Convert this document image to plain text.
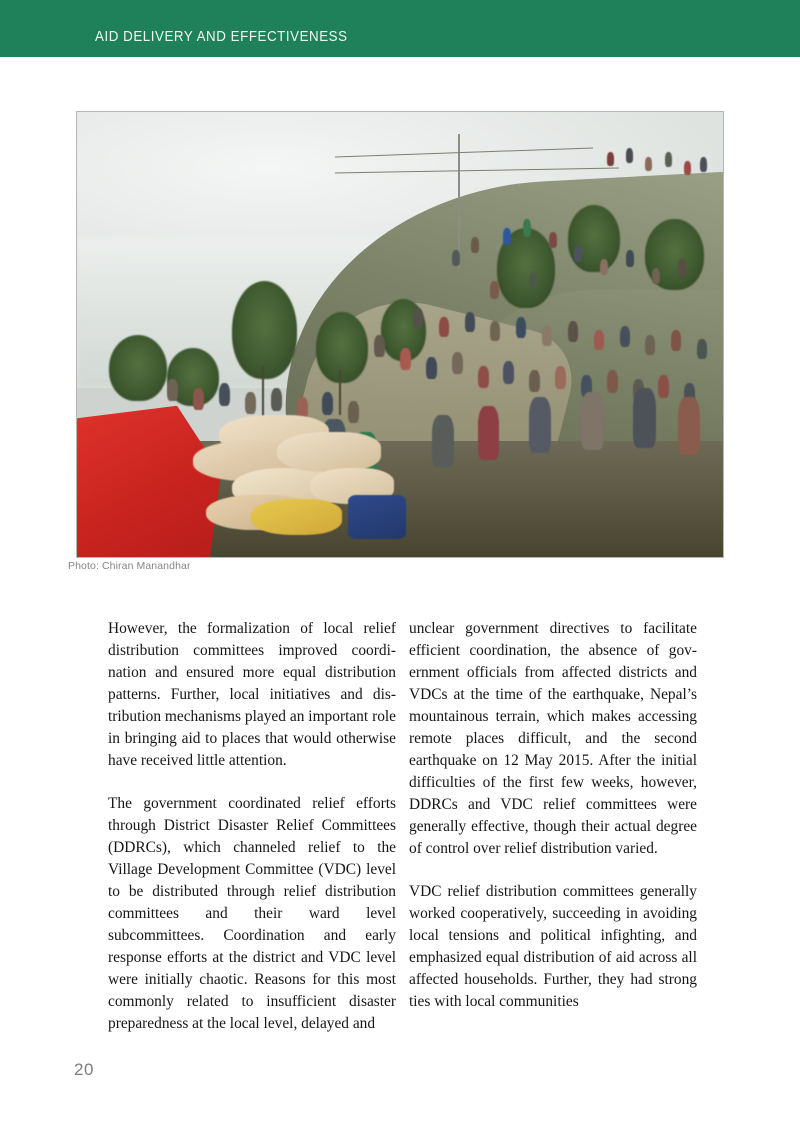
AID DELIVERY AND EFFECTIVENESS
Photo: Chiran Manandhar

However, the formalization of local relief distribution committees improved coordination and ensured more equal distribution patterns. Further, local initiatives and distribution mechanisms played an important role in bringing aid to places that would otherwise have received little attention.

The government coordinated relief efforts through District Disaster Relief Committees (DDRCs), which channeled relief to the Village Development Committee (VDC) level to be distributed through relief distribution committees and their ward level subcommittees. Coordination and early response efforts at the district and VDC level were initially chaotic. Reasons for this most commonly related to insufficient disaster preparedness at the local level, delayed and

unclear government directives to facilitate efficient coordination, the absence of government officials from affected districts and VDCs at the time of the earthquake, Nepal’s mountainous terrain, which makes accessing remote places difficult, and the second earthquake on 12 May 2015. After the initial difficulties of the first few weeks, however, DDRCs and VDC relief committees were generally effective, though their actual degree of control over relief distribution varied.

VDC relief distribution committees generally worked cooperatively, succeeding in avoiding local tensions and political infighting, and emphasized equal distribution of aid across all affected households. Further, they had strong ties with local communities

20
